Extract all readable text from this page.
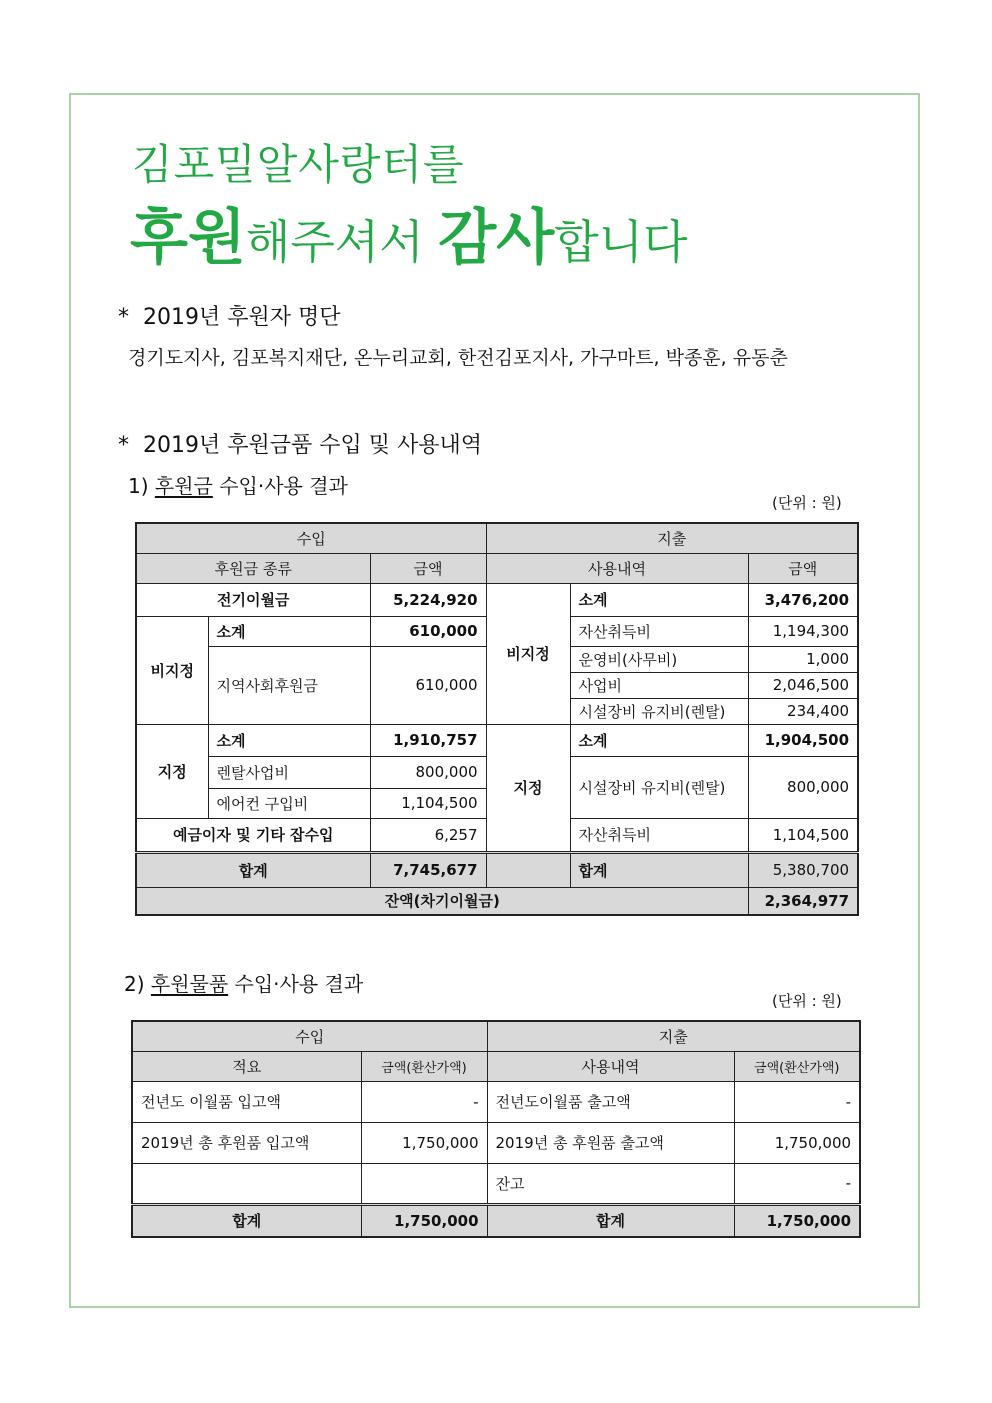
김포밀알사랑터를
후원해주셔서 감사합니다
* 2019년 후원자 명단
경기도지사, 김포복지재단, 온누리교회, 한전김포지사, 가구마트, 박종훈, 유동춘
* 2019년 후원금품 수입 및 사용내역
1) 후원금 수입·사용 결과
(단위 : 원)
수입			지출		
후원금 종류		금액	사용내역		금액
전기이월금		5,224,920	비지정	소계	3,476,200
비지정	소계	610,000		자산취득비	1,194,300
	지역사회후원금	610,000		운영비(사무비)	1,000
				사업비	2,046,500
				시설장비 유지비(렌탈)	234,400
지정	소계	1,910,757	지정	소계	1,904,500
	렌탈사업비	800,000		시설장비 유지비(렌탈)	800,000
	에어컨 구입비	1,104,500			
예금이자 및 기타 잡수입		6,257		자산취득비	1,104,500
합계		7,745,677		합계	5,380,700
잔액(차기이월금)					2,364,977
2) 후원물품 수입·사용 결과
(단위 : 원)
수입		지출	
적요	금액(환산가액)	사용내역	금액(환산가액)
전년도 이월품 입고액	-	전년도이월품 출고액	-
2019년 총 후원품 입고액	1,750,000	2019년 총 후원품 출고액	1,750,000
		잔고	-
합계	1,750,000	합계	1,750,000
